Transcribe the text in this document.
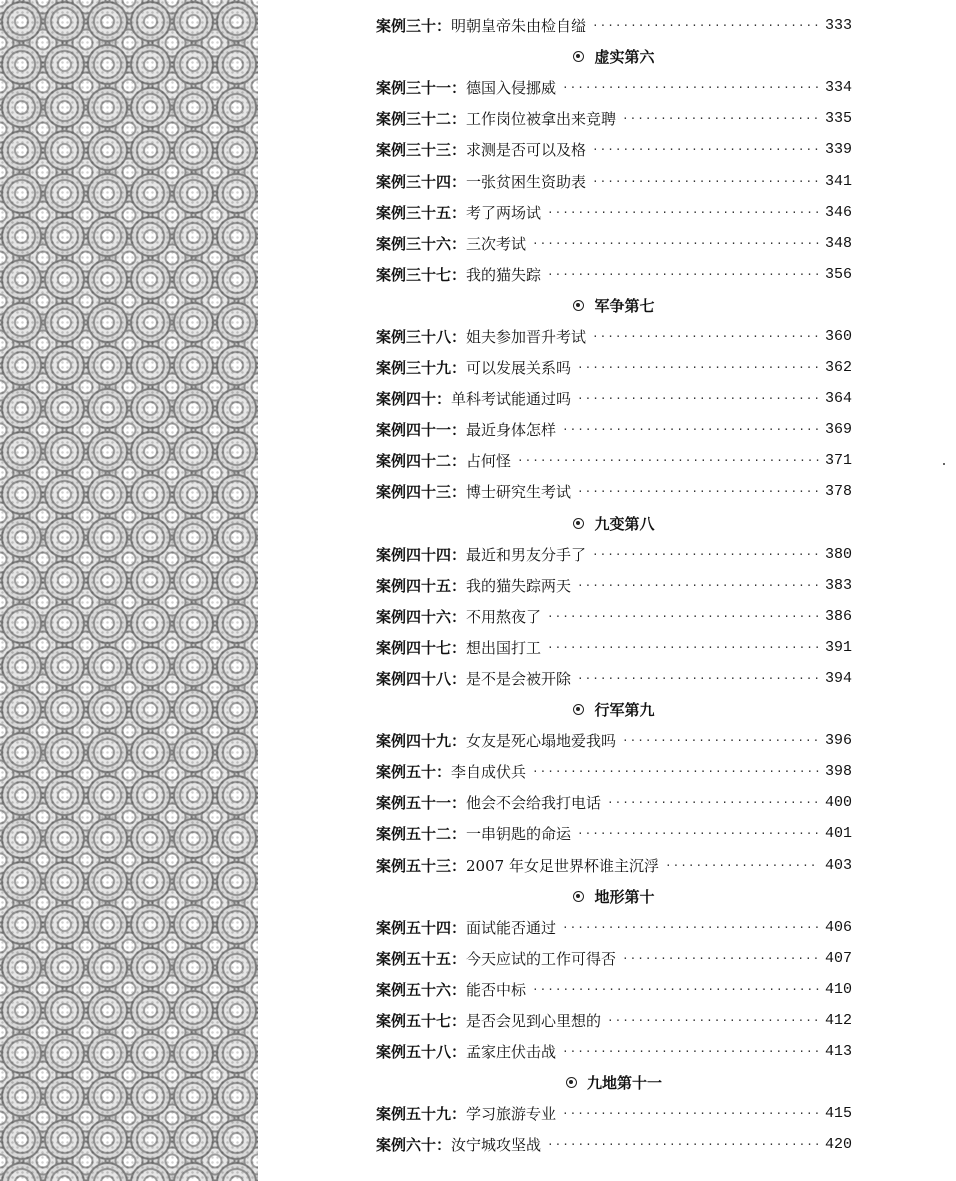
案例三十： 明朝皇帝朱由检自缢 ·····	333
虚实第六
案例三十一： 德国入侵挪威 ·····	334
案例三十二： 工作岗位被拿出来竞聘 ·····	335
案例三十三： 求测是否可以及格 ·····	339
案例三十四： 一张贫困生资助表 ·····	341
案例三十五： 考了两场试 ·····	346
案例三十六： 三次考试 ·····	348
案例三十七： 我的猫失踪 ·····	356
军争第七
案例三十八： 姐夫参加晋升考试 ·····	360
案例三十九： 可以发展关系吗 ·····	362
案例四十： 单科考试能通过吗 ·····	364
案例四十一： 最近身体怎样 ·····	369
案例四十二： 占何怪 ·····	371
案例四十三： 博士研究生考试 ·····	378
九变第八
案例四十四： 最近和男友分手了 ·····	380
案例四十五： 我的猫失踪两天 ·····	383
案例四十六： 不用熬夜了 ·····	386
案例四十七： 想出国打工 ·····	391
案例四十八： 是不是会被开除 ·····	394
行军第九
案例四十九： 女友是死心塌地爱我吗 ·····	396
案例五十： 李自成伏兵 ·····	398
案例五十一： 他会不会给我打电话 ·····	400
案例五十二： 一串钥匙的命运 ·····	401
案例五十三： 2007 年女足世界杯谁主沉浮 ·····	403
地形第十
案例五十四： 面试能否通过 ·····	406
案例五十五： 今天应试的工作可得否 ·····	407
案例五十六： 能否中标 ·····	410
案例五十七： 是否会见到心里想的 ·····	412
案例五十八： 孟家庄伏击战 ·····	413
九地第十一
案例五十九： 学习旅游专业 ·····	415
案例六十： 汝宁城攻坚战 ·····	420
